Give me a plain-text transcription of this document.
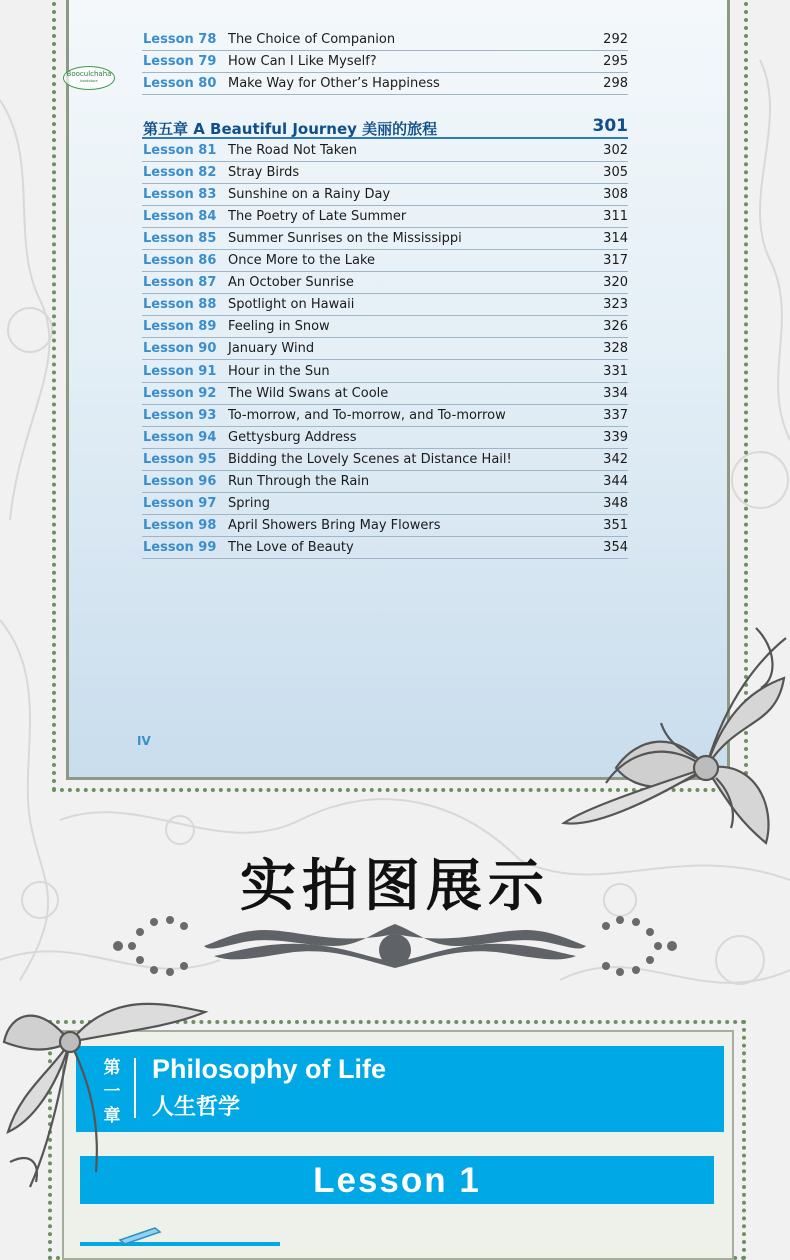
Booculchaha
bookstore
Lesson 78 The Choice of Companion	292
Lesson 79 How Can I Like Myself?	295
Lesson 80 Make Way for Other’s Happiness	298
第五章 A Beautiful Journey 美丽的旅程	301
Lesson 81 The Road Not Taken	302
Lesson 82 Stray Birds	305
Lesson 83 Sunshine on a Rainy Day	308
Lesson 84 The Poetry of Late Summer	311
Lesson 85 Summer Sunrises on the Mississippi	314
Lesson 86 Once More to the Lake	317
Lesson 87 An October Sunrise	320
Lesson 88 Spotlight on Hawaii	323
Lesson 89 Feeling in Snow	326
Lesson 90 January Wind	328
Lesson 91 Hour in the Sun	331
Lesson 92 The Wild Swans at Coole	334
Lesson 93 To-morrow, and To-morrow, and To-morrow	337
Lesson 94 Gettysburg Address	339
Lesson 95 Bidding the Lovely Scenes at Distance Hail!	342
Lesson 96 Run Through the Rain	344
Lesson 97 Spring	348
Lesson 98 April Showers Bring May Flowers	351
Lesson 99 The Love of Beauty	354
IV
实拍图展示
第
一
章
Philosophy of Life
人生哲学
Lesson 1
